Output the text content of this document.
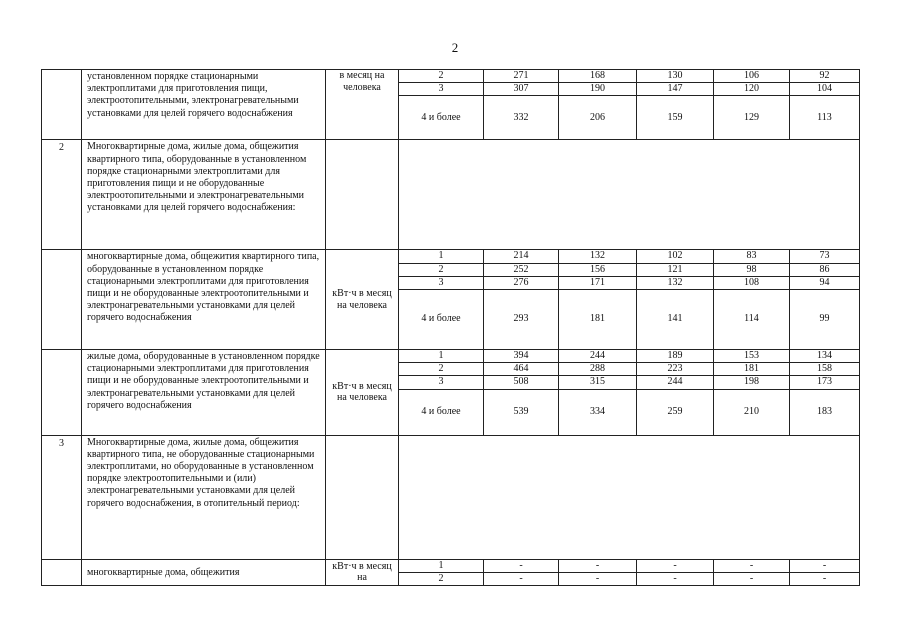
2
	установленном порядке стационарными электроплитами для приготовления пищи, электроотопительными, электронагревательными установками для целей горячего водоснабжения	в месяц на человека	2	271	168	130	106	92
			3	307	190	147	120	104
			4 и более	332	206	159	129	113
2	Многоквартирные дома, жилые дома, общежития квартирного типа, оборудованные в установленном порядке стационарными электроплитами для приготовления пищи и не оборудованные электроотопительными и электронагревательными установками для целей горячего водоснабжения:							
	многоквартирные дома, общежития квартирного типа, оборудованные в установленном порядке стационарными электроплитами для приготовления пищи и не оборудованные электроотопительными и электронагревательными установками для целей горячего водоснабжения	кВт·ч в месяц на человека	1	214	132	102	83	73
			2	252	156	121	98	86
			3	276	171	132	108	94
			4 и более	293	181	141	114	99
	жилые дома, оборудованные в установленном порядке стационарными электроплитами для приготовления пищи и не оборудованные электроотопительными и электронагревательными установками для целей горячего водоснабжения	кВт·ч в месяц на человека	1	394	244	189	153	134
			2	464	288	223	181	158
			3	508	315	244	198	173
			4 и более	539	334	259	210	183
3	Многоквартирные дома, жилые дома, общежития квартирного типа, не оборудованные стационарными электроплитами, но оборудованные в установленном порядке электроотопительными и (или) электронагревательными установками для целей горячего водоснабжения, в отопительный период:							
	многоквартирные дома, общежития	кВт·ч в месяц на	1	-	-	-	-	-
			2	-	-	-	-	-
